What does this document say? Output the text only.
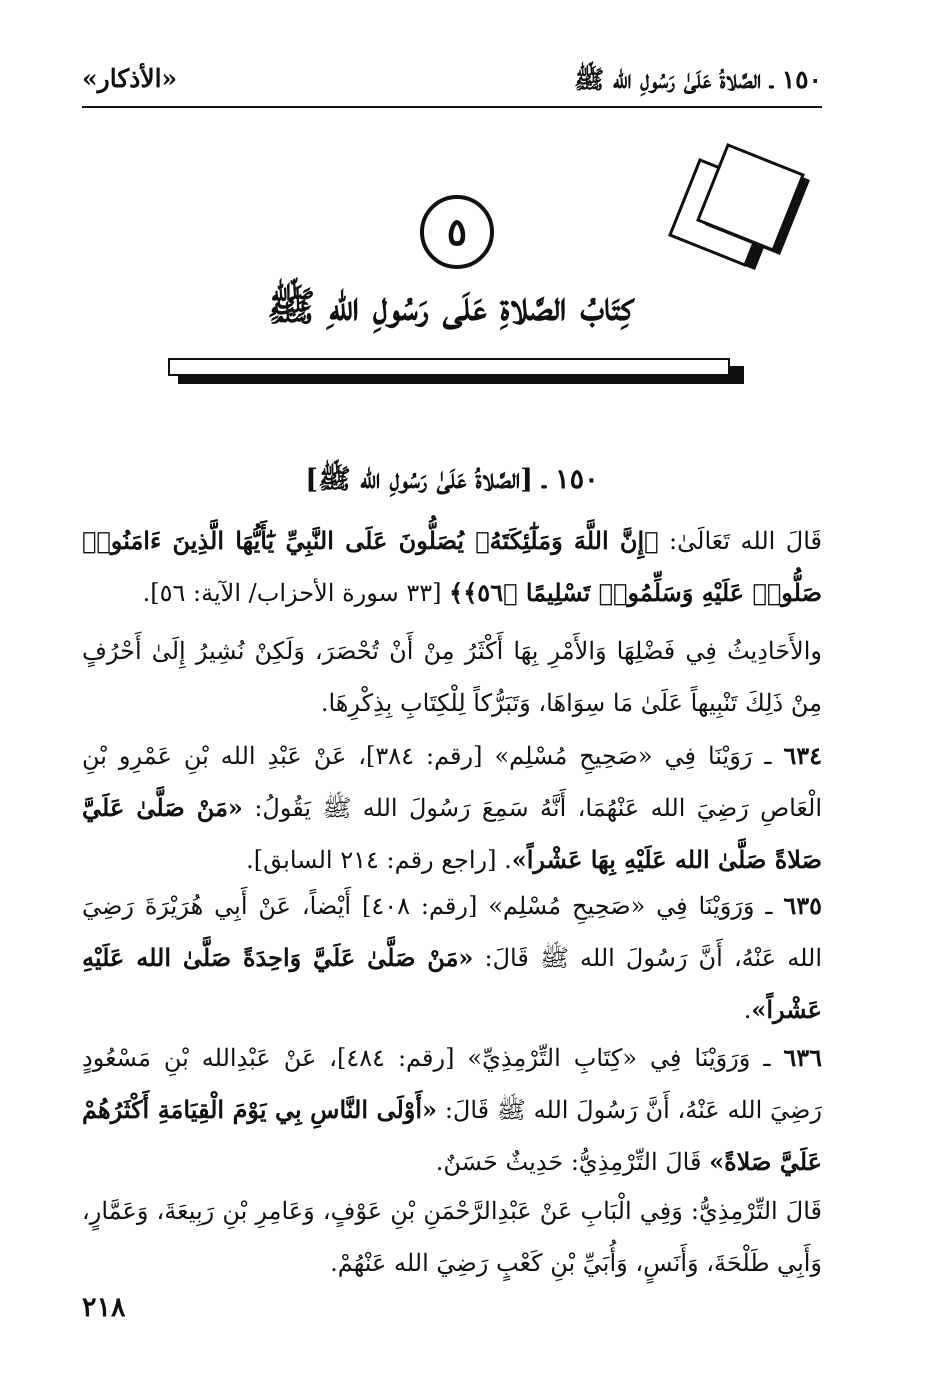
١٥٠ ـ الصَّلاةُ عَلَىٰ رَسُولِ الله ﷺ
«الأذكار»
٥
كِتَابُ الصَّلاةِ عَلَى رَسُولِ اللهِ ﷺ
١٥٠ ـ [الصَّلاةُ عَلَىٰ رَسُولِ الله ﷺ]

قَالَ الله تَعَالَىٰ: ﴿إِنَّ اللَّهَ وَمَلَٰٓئِكَتَهُۥ يُصَلُّونَ عَلَى النَّبِيِّ يَٰٓأَيُّهَا الَّذِينَ ءَامَنُوا۟ صَلُّوا۟ عَلَيْهِ وَسَلِّمُوا۟ تَسْلِيمًا ﴿٥٦﴾﴾ [٣٣ سورة الأحزاب/ الآية: ٥٦].

والأَحَادِيثُ فِي فَضْلِهَا وَالأَمْرِ بِهَا أَكْثَرُ مِنْ أَنْ تُحْصَرَ، وَلَكِنْ نُشِيرُ إِلَىٰ أَحْرُفٍ مِنْ ذَلِكَ تَنْبِيهاً عَلَىٰ مَا سِوَاهَا، وَتَبَرُّكاً لِلْكِتَابِ بِذِكْرِهَا.

٦٣٤ ـ رَوَيْنَا فِي «صَحِيحِ مُسْلِم» [رقم: ٣٨٤]، عَنْ عَبْدِ الله بْنِ عَمْرِو بْنِ الْعَاصِ رَضِيَ الله عَنْهُمَا، أَنَّهُ سَمِعَ رَسُولَ الله ﷺ يَقُولُ: «مَنْ صَلَّىٰ عَلَيَّ صَلاةً صَلَّىٰ الله عَلَيْهِ بِهَا عَشْراً». [راجع رقم: ٢١٤ السابق].

٦٣٥ ـ وَرَوَيْنَا فِي «صَحِيحِ مُسْلِم» [رقم: ٤٠٨] أَيْضاً، عَنْ أَبِي هُرَيْرَةَ رَضِيَ الله عَنْهُ، أَنَّ رَسُولَ الله ﷺ قَالَ: «مَنْ صَلَّىٰ عَلَيَّ وَاحِدَةً صَلَّىٰ الله عَلَيْهِ عَشْراً».

٦٣٦ ـ وَرَوَيْنَا فِي «كِتَابِ التِّرْمِذِيِّ» [رقم: ٤٨٤]، عَنْ عَبْدِالله بْنِ مَسْعُودٍ رَضِيَ الله عَنْهُ، أَنَّ رَسُولَ الله ﷺ قَالَ: «أَوْلَى النَّاسِ بِي يَوْمَ الْقِيَامَةِ أَكْثَرُهُمْ عَلَيَّ صَلاةً» قَالَ التِّرْمِذِيُّ: حَدِيثٌ حَسَنٌ.

قَالَ التِّرْمِذِيُّ: وَفِي الْبَابِ عَنْ عَبْدِالرَّحْمَنِ بْنِ عَوْفٍ، وَعَامِرِ بْنِ رَبِيعَةَ، وَعَمَّارٍ، وَأَبِي طَلْحَةَ، وَأَنَسٍ، وَأُبَيِّ بْنِ كَعْبٍ رَضِيَ الله عَنْهُمْ.

٢١٨
